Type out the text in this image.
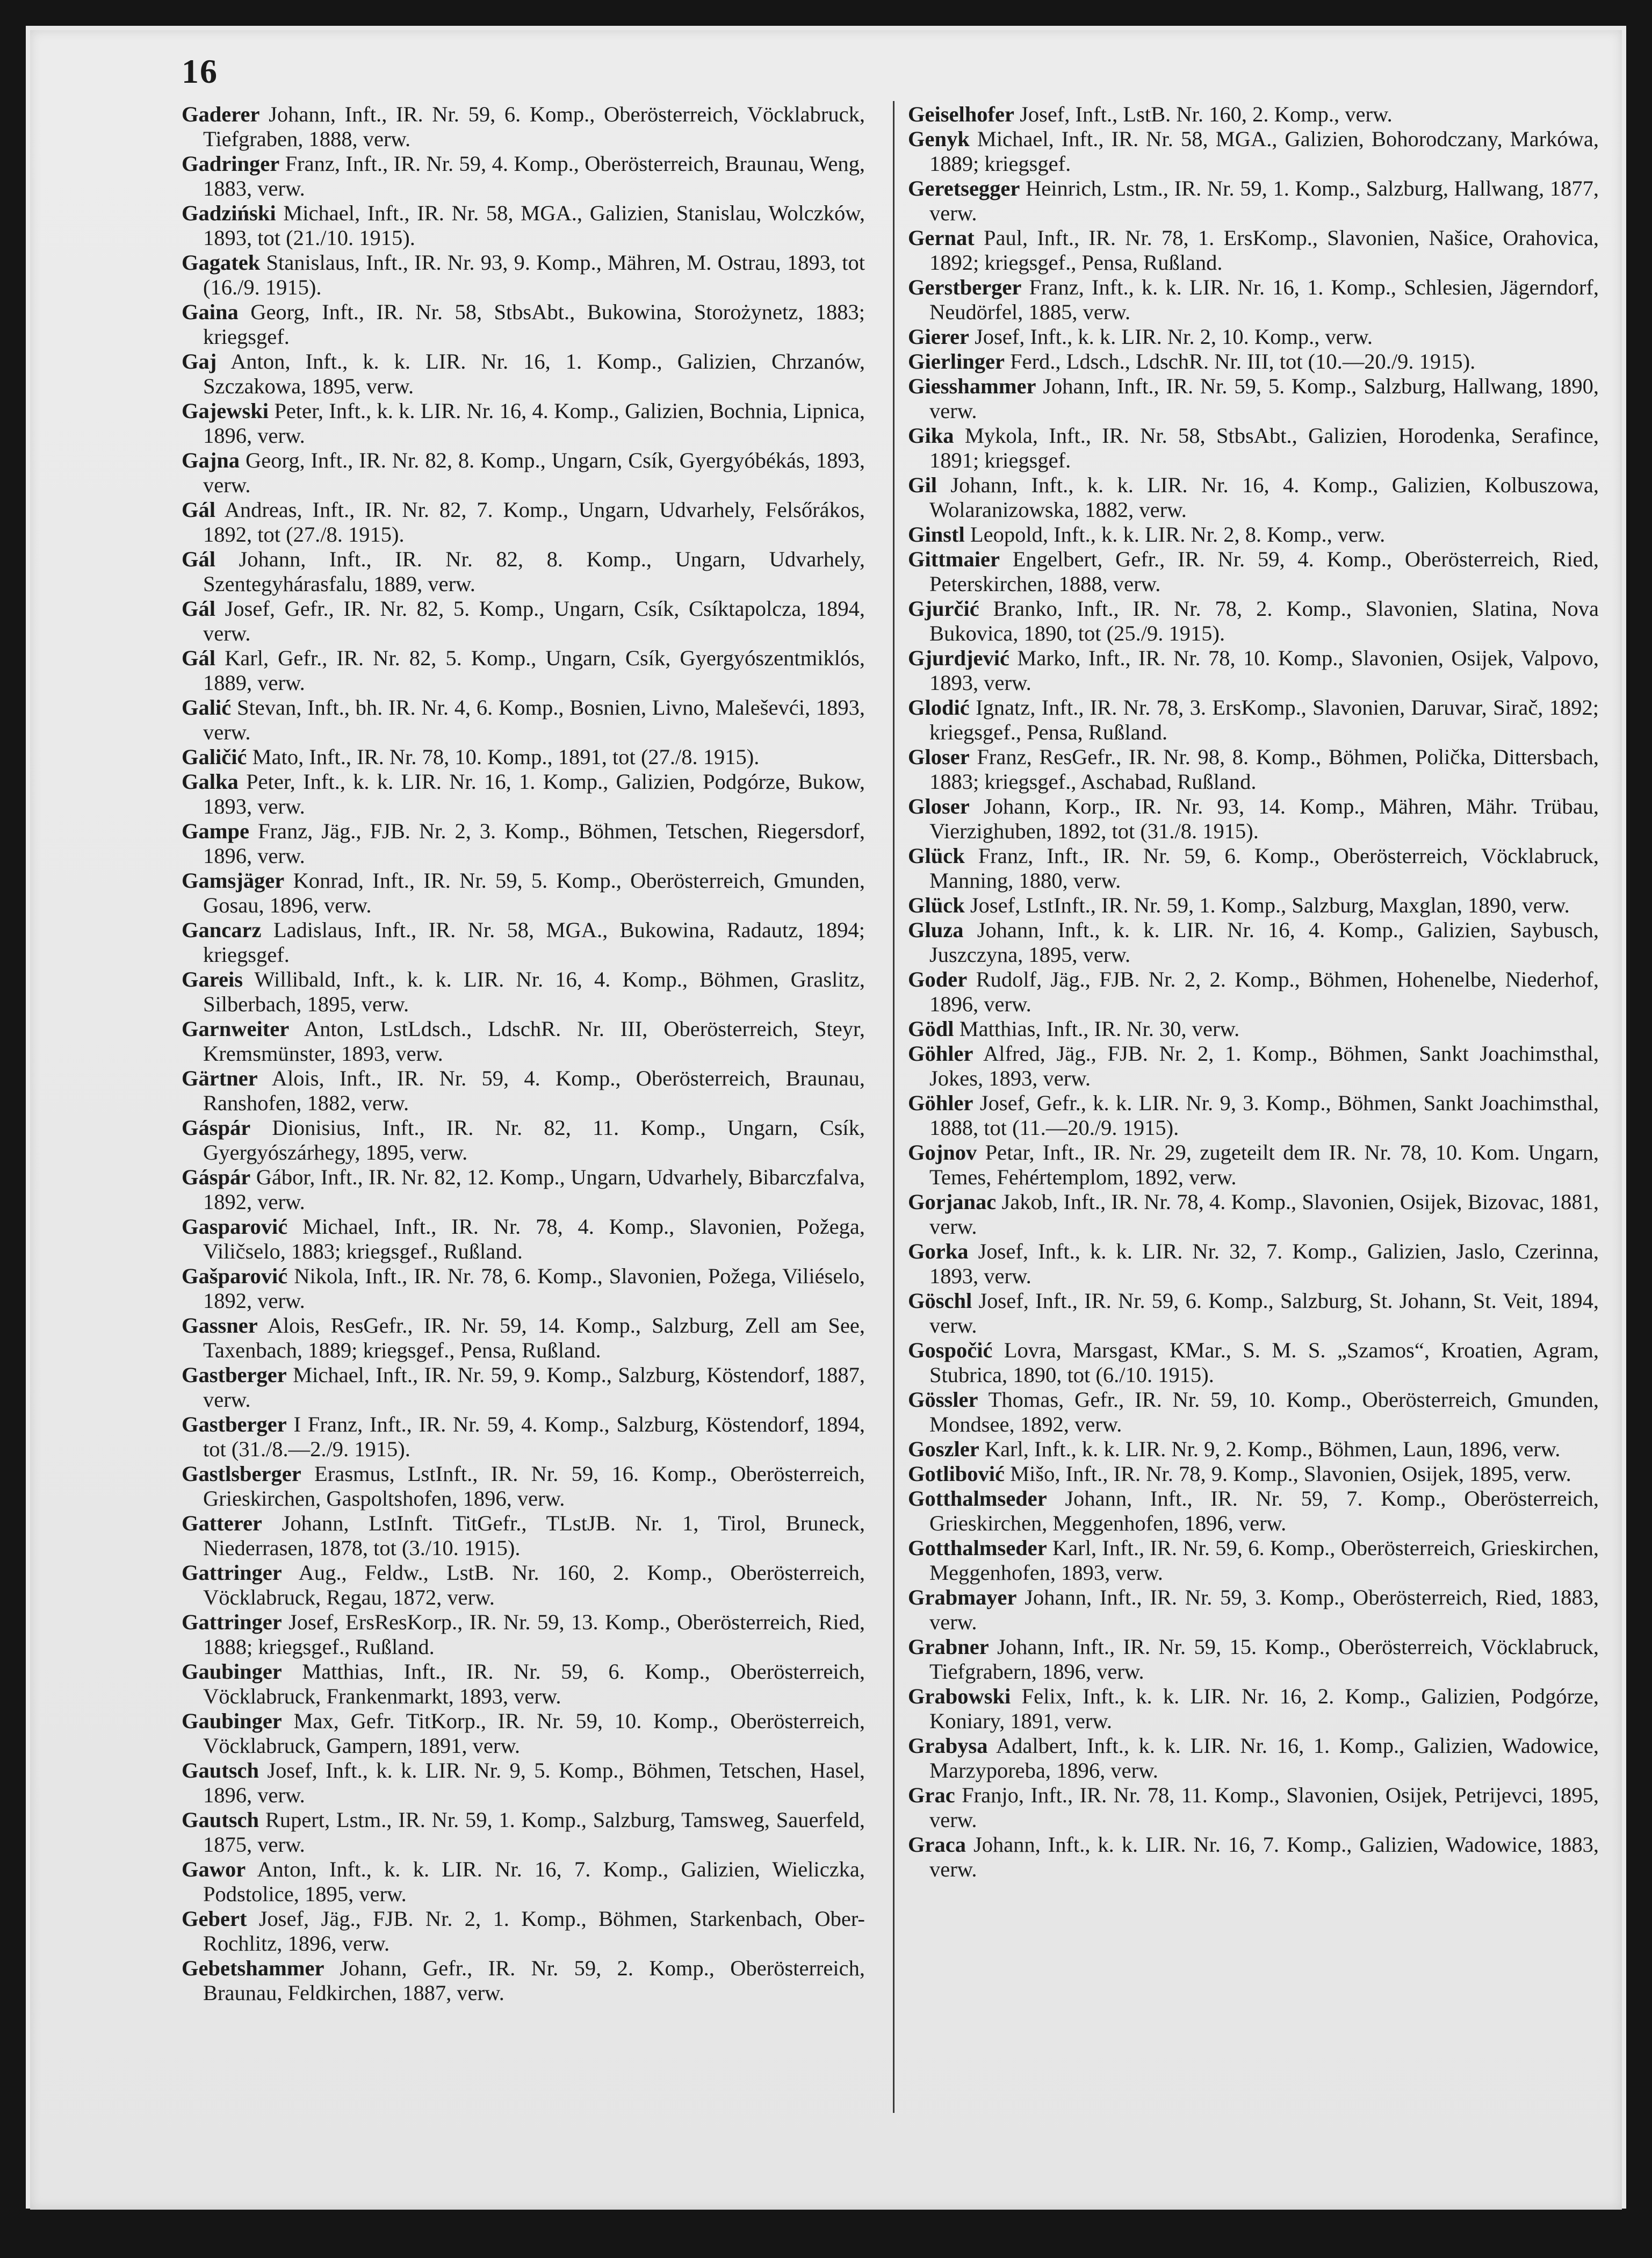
16

Gaderer Johann, Inft., IR. Nr. 59, 6. Komp., Oberösterreich, Vöcklabruck, Tiefgraben, 1888, verw.

Gadringer Franz, Inft., IR. Nr. 59, 4. Komp., Oberösterreich, Braunau, Weng, 1883, verw.

Gadziński Michael, Inft., IR. Nr. 58, MGA., Galizien, Stanislau, Wolczków, 1893, tot (21./10. 1915).

Gagatek Stanislaus, Inft., IR. Nr. 93, 9. Komp., Mähren, M. Ostrau, 1893, tot (16./9. 1915).

Gaina Georg, Inft., IR. Nr. 58, StbsAbt., Bukowina, Storożynetz, 1883; kriegsgef.

Gaj Anton, Inft., k. k. LIR. Nr. 16, 1. Komp., Galizien, Chrzanów, Szczakowa, 1895, verw.

Gajewski Peter, Inft., k. k. LIR. Nr. 16, 4. Komp., Galizien, Bochnia, Lipnica, 1896, verw.

Gajna Georg, Inft., IR. Nr. 82, 8. Komp., Ungarn, Csík, Gyergyóbékás, 1893, verw.

Gál Andreas, Inft., IR. Nr. 82, 7. Komp., Ungarn, Udvarhely, Felsőrákos, 1892, tot (27./8. 1915).

Gál Johann, Inft., IR. Nr. 82, 8. Komp., Ungarn, Udvarhely, Szentegyhárasfalu, 1889, verw.

Gál Josef, Gefr., IR. Nr. 82, 5. Komp., Ungarn, Csík, Csíktapolcza, 1894, verw.

Gál Karl, Gefr., IR. Nr. 82, 5. Komp., Ungarn, Csík, Gyergyószentmiklós, 1889, verw.

Galić Stevan, Inft., bh. IR. Nr. 4, 6. Komp., Bosnien, Livno, Maleševći, 1893, verw.

Galičić Mato, Inft., IR. Nr. 78, 10. Komp., 1891, tot (27./8. 1915).

Galka Peter, Inft., k. k. LIR. Nr. 16, 1. Komp., Galizien, Podgórze, Bukow, 1893, verw.

Gampe Franz, Jäg., FJB. Nr. 2, 3. Komp., Böhmen, Tetschen, Riegersdorf, 1896, verw.

Gamsjäger Konrad, Inft., IR. Nr. 59, 5. Komp., Oberösterreich, Gmunden, Gosau, 1896, verw.

Gancarz Ladislaus, Inft., IR. Nr. 58, MGA., Bukowina, Radautz, 1894; kriegsgef.

Gareis Willibald, Inft., k. k. LIR. Nr. 16, 4. Komp., Böhmen, Graslitz, Silberbach, 1895, verw.

Garnweiter Anton, LstLdsch., LdschR. Nr. III, Oberösterreich, Steyr, Kremsmünster, 1893, verw.

Gärtner Alois, Inft., IR. Nr. 59, 4. Komp., Oberösterreich, Braunau, Ranshofen, 1882, verw.

Gáspár Dionisius, Inft., IR. Nr. 82, 11. Komp., Ungarn, Csík, Gyergyószárhegy, 1895, verw.

Gáspár Gábor, Inft., IR. Nr. 82, 12. Komp., Ungarn, Udvarhely, Bibarczfalva, 1892, verw.

Gasparović Michael, Inft., IR. Nr. 78, 4. Komp., Slavonien, Požega, Viličselo, 1883; kriegsgef., Rußland.

Gašparović Nikola, Inft., IR. Nr. 78, 6. Komp., Slavonien, Požega, Viliéselo, 1892, verw.

Gassner Alois, ResGefr., IR. Nr. 59, 14. Komp., Salzburg, Zell am See, Taxenbach, 1889; kriegsgef., Pensa, Rußland.

Gastberger Michael, Inft., IR. Nr. 59, 9. Komp., Salzburg, Köstendorf, 1887, verw.

Gastberger I Franz, Inft., IR. Nr. 59, 4. Komp., Salzburg, Köstendorf, 1894, tot (31./8.—2./9. 1915).

Gastlsberger Erasmus, LstInft., IR. Nr. 59, 16. Komp., Oberösterreich, Grieskirchen, Gaspoltshofen, 1896, verw.

Gatterer Johann, LstInft. TitGefr., TLstJB. Nr. 1, Tirol, Bruneck, Niederrasen, 1878, tot (3./10. 1915).

Gattringer Aug., Feldw., LstB. Nr. 160, 2. Komp., Oberösterreich, Vöcklabruck, Regau, 1872, verw.

Gattringer Josef, ErsResKorp., IR. Nr. 59, 13. Komp., Oberösterreich, Ried, 1888; kriegsgef., Rußland.

Gaubinger Matthias, Inft., IR. Nr. 59, 6. Komp., Oberösterreich, Vöcklabruck, Frankenmarkt, 1893, verw.

Gaubinger Max, Gefr. TitKorp., IR. Nr. 59, 10. Komp., Oberösterreich, Vöcklabruck, Gampern, 1891, verw.

Gautsch Josef, Inft., k. k. LIR. Nr. 9, 5. Komp., Böhmen, Tetschen, Hasel, 1896, verw.

Gautsch Rupert, Lstm., IR. Nr. 59, 1. Komp., Salzburg, Tamsweg, Sauerfeld, 1875, verw.

Gawor Anton, Inft., k. k. LIR. Nr. 16, 7. Komp., Galizien, Wieliczka, Podstolice, 1895, verw.

Gebert Josef, Jäg., FJB. Nr. 2, 1. Komp., Böhmen, Starkenbach, Ober-Rochlitz, 1896, verw.

Gebetshammer Johann, Gefr., IR. Nr. 59, 2. Komp., Oberösterreich, Braunau, Feldkirchen, 1887, verw.

Geiselhofer Josef, Inft., LstB. Nr. 160, 2. Komp., verw.

Genyk Michael, Inft., IR. Nr. 58, MGA., Galizien, Bohorodczany, Markówa, 1889; kriegsgef.

Geretsegger Heinrich, Lstm., IR. Nr. 59, 1. Komp., Salzburg, Hallwang, 1877, verw.

Gernat Paul, Inft., IR. Nr. 78, 1. ErsKomp., Slavonien, Našice, Orahovica, 1892; kriegsgef., Pensa, Rußland.

Gerstberger Franz, Inft., k. k. LIR. Nr. 16, 1. Komp., Schlesien, Jägerndorf, Neudörfel, 1885, verw.

Gierer Josef, Inft., k. k. LIR. Nr. 2, 10. Komp., verw.

Gierlinger Ferd., Ldsch., LdschR. Nr. III, tot (10.—20./9. 1915).

Giesshammer Johann, Inft., IR. Nr. 59, 5. Komp., Salzburg, Hallwang, 1890, verw.

Gika Mykola, Inft., IR. Nr. 58, StbsAbt., Galizien, Horodenka, Serafince, 1891; kriegsgef.

Gil Johann, Inft., k. k. LIR. Nr. 16, 4. Komp., Galizien, Kolbuszowa, Wolaranizowska, 1882, verw.

Ginstl Leopold, Inft., k. k. LIR. Nr. 2, 8. Komp., verw.

Gittmaier Engelbert, Gefr., IR. Nr. 59, 4. Komp., Oberösterreich, Ried, Peterskirchen, 1888, verw.

Gjurčić Branko, Inft., IR. Nr. 78, 2. Komp., Slavonien, Slatina, Nova Bukovica, 1890, tot (25./9. 1915).

Gjurdjević Marko, Inft., IR. Nr. 78, 10. Komp., Slavonien, Osijek, Valpovo, 1893, verw.

Glodić Ignatz, Inft., IR. Nr. 78, 3. ErsKomp., Slavonien, Daruvar, Sirač, 1892; kriegsgef., Pensa, Rußland.

Gloser Franz, ResGefr., IR. Nr. 98, 8. Komp., Böhmen, Polička, Dittersbach, 1883; kriegsgef., Aschabad, Rußland.

Gloser Johann, Korp., IR. Nr. 93, 14. Komp., Mähren, Mähr. Trübau, Vierzighuben, 1892, tot (31./8. 1915).

Glück Franz, Inft., IR. Nr. 59, 6. Komp., Oberösterreich, Vöcklabruck, Manning, 1880, verw.

Glück Josef, LstInft., IR. Nr. 59, 1. Komp., Salzburg, Maxglan, 1890, verw.

Gluza Johann, Inft., k. k. LIR. Nr. 16, 4. Komp., Galizien, Saybusch, Juszczyna, 1895, verw.

Goder Rudolf, Jäg., FJB. Nr. 2, 2. Komp., Böhmen, Hohenelbe, Niederhof, 1896, verw.

Gödl Matthias, Inft., IR. Nr. 30, verw.

Göhler Alfred, Jäg., FJB. Nr. 2, 1. Komp., Böhmen, Sankt Joachimsthal, Jokes, 1893, verw.

Göhler Josef, Gefr., k. k. LIR. Nr. 9, 3. Komp., Böhmen, Sankt Joachimsthal, 1888, tot (11.—20./9. 1915).

Gojnov Petar, Inft., IR. Nr. 29, zugeteilt dem IR. Nr. 78, 10. Kom. Ungarn, Temes, Fehértemplom, 1892, verw.

Gorjanac Jakob, Inft., IR. Nr. 78, 4. Komp., Slavonien, Osijek, Bizovac, 1881, verw.

Gorka Josef, Inft., k. k. LIR. Nr. 32, 7. Komp., Galizien, Jaslo, Czerinna, 1893, verw.

Göschl Josef, Inft., IR. Nr. 59, 6. Komp., Salzburg, St. Johann, St. Veit, 1894, verw.

Gospočić Lovra, Marsgast, KMar., S. M. S. „Szamos“, Kroatien, Agram, Stubrica, 1890, tot (6./10. 1915).

Gössler Thomas, Gefr., IR. Nr. 59, 10. Komp., Oberösterreich, Gmunden, Mondsee, 1892, verw.

Goszler Karl, Inft., k. k. LIR. Nr. 9, 2. Komp., Böhmen, Laun, 1896, verw.

Gotlibović Mišo, Inft., IR. Nr. 78, 9. Komp., Slavonien, Osijek, 1895, verw.

Gotthalmseder Johann, Inft., IR. Nr. 59, 7. Komp., Oberösterreich, Grieskirchen, Meggenhofen, 1896, verw.

Gotthalmseder Karl, Inft., IR. Nr. 59, 6. Komp., Oberösterreich, Grieskirchen, Meggenhofen, 1893, verw.

Grabmayer Johann, Inft., IR. Nr. 59, 3. Komp., Oberösterreich, Ried, 1883, verw.

Grabner Johann, Inft., IR. Nr. 59, 15. Komp., Oberösterreich, Vöcklabruck, Tiefgrabern, 1896, verw.

Grabowski Felix, Inft., k. k. LIR. Nr. 16, 2. Komp., Galizien, Podgórze, Koniary, 1891, verw.

Grabysa Adalbert, Inft., k. k. LIR. Nr. 16, 1. Komp., Galizien, Wadowice, Marzyporeba, 1896, verw.

Grac Franjo, Inft., IR. Nr. 78, 11. Komp., Slavonien, Osijek, Petrijevci, 1895, verw.

Graca Johann, Inft., k. k. LIR. Nr. 16, 7. Komp., Galizien, Wadowice, 1883, verw.
